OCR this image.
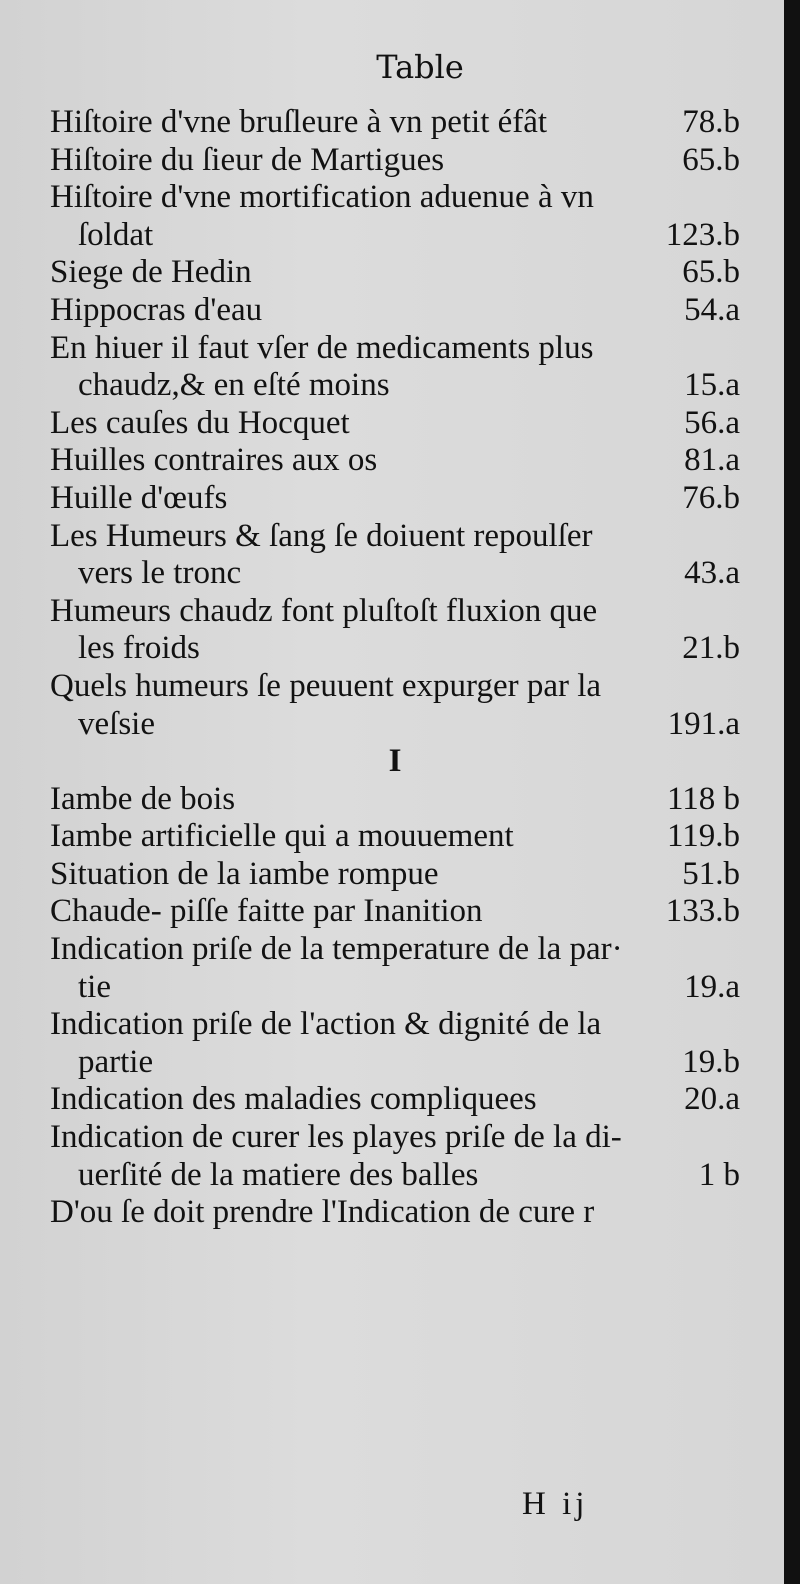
Table
Hiſtoire d'vne bruſleure à vn petit éfât	78.b
Hiſtoire du ſieur de Martigues	65.b
Hiſtoire d'vne mortification aduenue à vn
ſoldat	123.b
Siege de Hedin	65.b
Hippocras d'eau	54.a
En hiuer il faut vſer de medicaments plus
chaudz,& en eſté moins	15.a
Les cauſes du Hocquet	56.a
Huilles contraires aux os	81.a
Huille d'œufs	76.b
Les Humeurs & ſang ſe doiuent repoulſer
vers le tronc	43.a
Humeurs chaudz font pluſtoſt fluxion que
les froids	21.b
Quels humeurs ſe peuuent expurger par la
veſsie	191.a
I
Iambe de bois	118 b
Iambe artificielle qui a mouuement	119.b
Situation de la iambe rompue	51.b
Chaude- piſſe faitte par Inanition	133.b
Indication priſe de la temperature de la par·
tie	19.a
Indication priſe de l'action & dignité de la
partie	19.b
Indication des maladies compliquees	20.a
Indication de curer les playes priſe de la di-
uerſité de la matiere des balles	1 b
D'ou ſe doit prendre l'Indication de cure r
H ij
